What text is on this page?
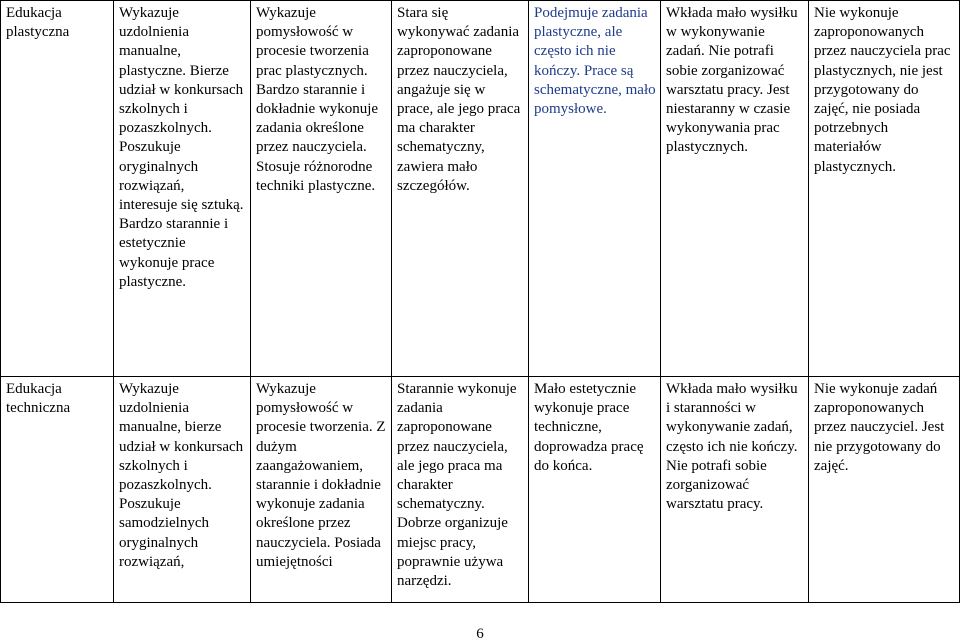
Edukacja plastyczna	Wykazuje uzdolnienia manualne, plastyczne. Bierze udział w konkursach szkolnych i pozaszkolnych. Poszukuje oryginalnych rozwiązań, interesuje się sztuką. Bardzo starannie i estetycznie wykonuje prace plastyczne.	Wykazuje pomysłowość w procesie tworzenia prac plastycznych. Bardzo starannie i dokładnie wykonuje zadania określone przez nauczyciela. Stosuje różnorodne techniki plastyczne.	Stara się wykonywać zadania zaproponowane przez nauczyciela, angażuje się w prace, ale jego praca ma charakter schematyczny, zawiera mało szczegółów.	Podejmuje zadania plastyczne, ale często ich nie kończy. Prace są schematyczne, mało pomysłowe.	Wkłada mało wysiłku w wykonywanie zadań. Nie potrafi sobie zorganizować warsztatu pracy. Jest niestaranny w czasie wykonywania prac plastycznych.	Nie wykonuje zaproponowanych przez nauczyciela prac plastycznych, nie jest przygotowany do zajęć, nie posiada potrzebnych materiałów plastycznych.

Edukacja techniczna	Wykazuje uzdolnienia manualne, bierze udział w konkursach szkolnych i pozaszkolnych. Poszukuje samodzielnych oryginalnych rozwiązań,	Wykazuje pomysłowość w procesie tworzenia. Z dużym zaangażowaniem, starannie i dokładnie wykonuje zadania określone przez nauczyciela. Posiada umiejętności	Starannie wykonuje zadania zaproponowane przez nauczyciela, ale jego praca ma charakter schematyczny. Dobrze organizuje miejsc pracy, poprawnie używa narzędzi.	Mało estetycznie wykonuje prace techniczne, doprowadza pracę do końca.	Wkłada mało wysiłku i staranności w wykonywanie zadań, często ich nie kończy. Nie potrafi sobie zorganizować warsztatu pracy.	Nie wykonuje zadań zaproponowanych przez nauczyciel. Jest nie przygotowany do zajęć.
6
